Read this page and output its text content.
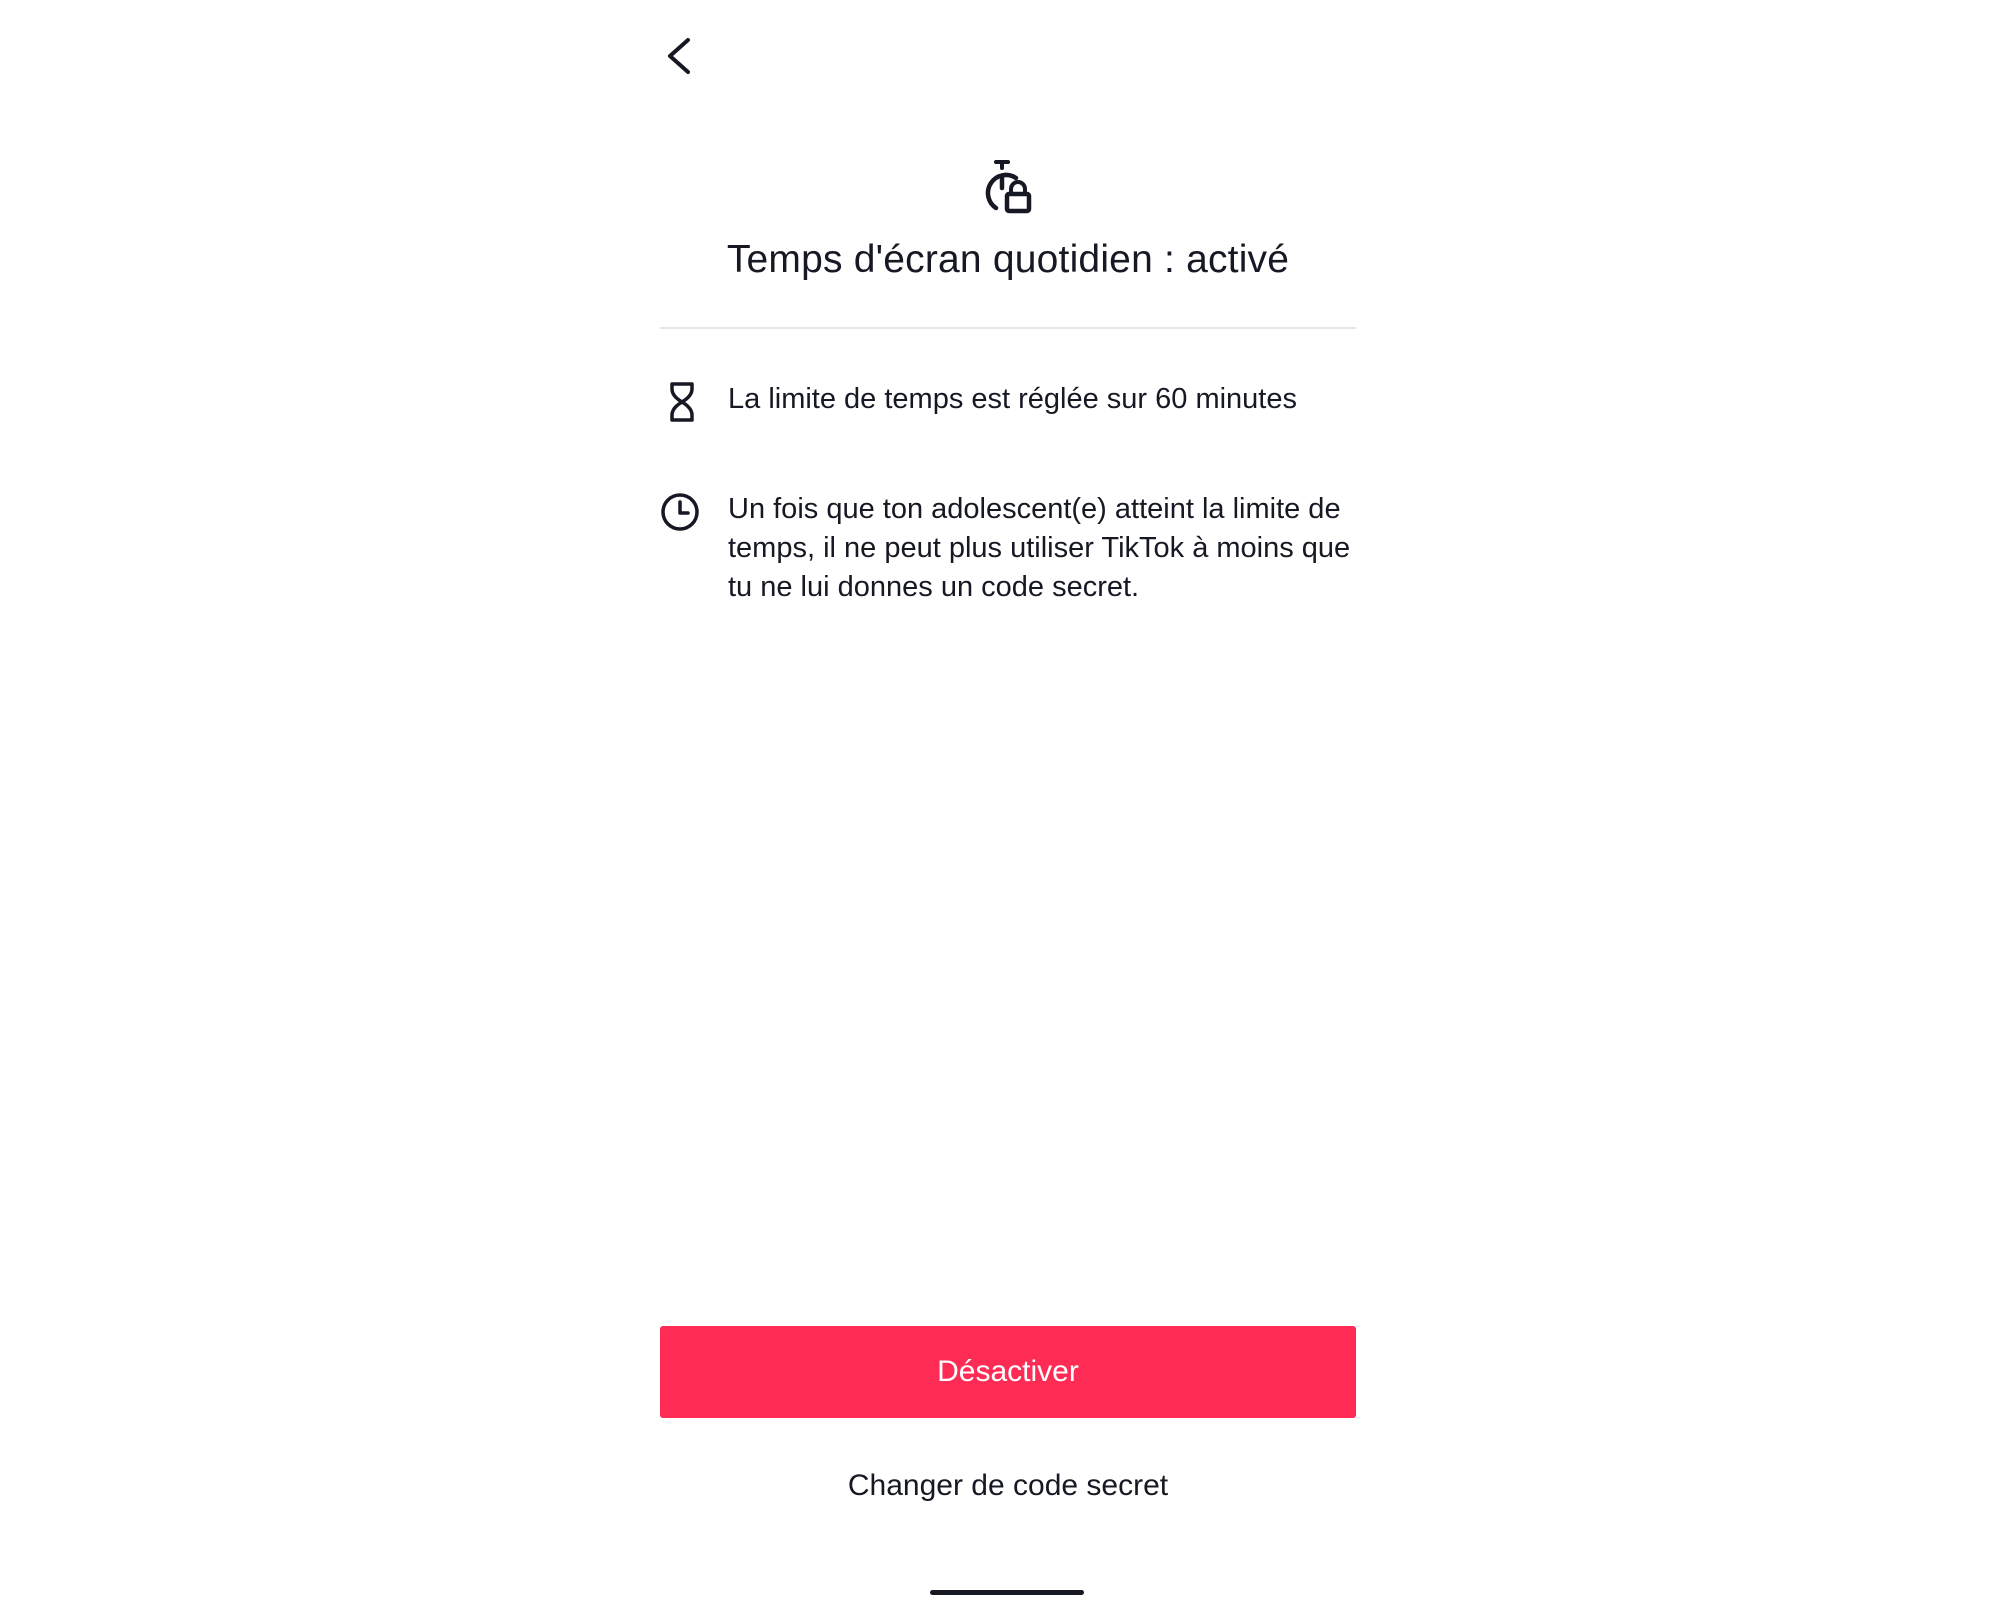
Temps d'écran quotidien : activé
La limite de temps est réglée sur 60 minutes
Un fois que ton adolescent(e) atteint la limite de temps, il ne peut plus utiliser TikTok à moins que tu ne lui donnes un code secret.
Désactiver
Changer de code secret
